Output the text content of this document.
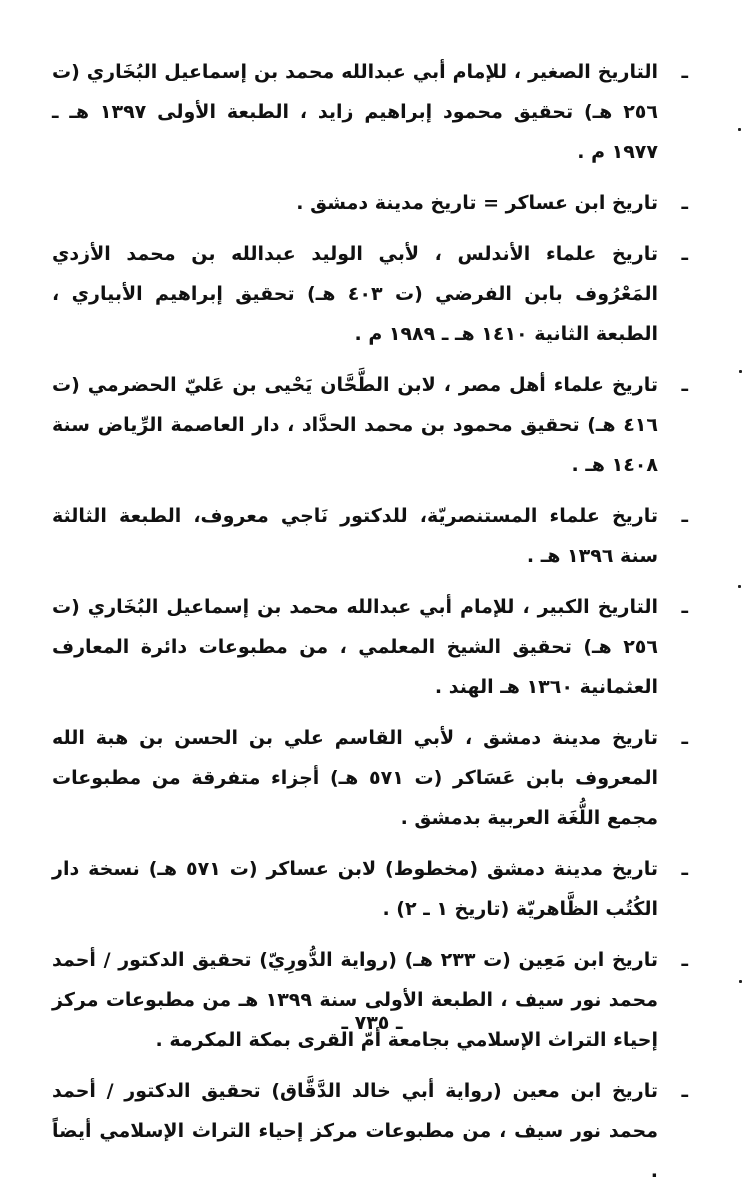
ـ
التاريخ الصغير ، للإمام أبي عبدالله محمد بن إسماعيل البُخَاري (ت ٢٥٦ هـ) تحقيق محمود إبراهيم زايد ، الطبعة الأولى ١٣٩٧ هـ ـ ١٩٧٧ م .
ـ
تاريخ ابن عساكر = تاريخ مدينة دمشق .
ـ
تاريخ علماء الأندلس ، لأبي الوليد عبدالله بن محمد الأزدي المَعْرُوف بابن الفرضي (ت ٤٠٣ هـ) تحقيق إبراهيم الأبياري ، الطبعة الثانية ١٤١٠ هـ ـ ١٩٨٩ م .
ـ
تاريخ علماء أهل مصر ، لابن الطَّحَّان يَحْيى بن عَليّ الحضرمي (ت ٤١٦ هـ) تحقيق محمود بن محمد الحدَّاد ، دار العاصمة الرِّياض سنة ١٤٠٨ هـ .
ـ
تاريخ علماء المستنصريّة، للدكتور نَاجي معروف، الطبعة الثالثة سنة ١٣٩٦ هـ .
ـ
التاريخ الكبير ، للإمام أبي عبدالله محمد بن إسماعيل البُخَاري (ت ٢٥٦ هـ) تحقيق الشيخ المعلمي ، من مطبوعات دائرة المعارف العثمانية ١٣٦٠ هـ الهند .
ـ
تاريخ مدينة دمشق ، لأبي القاسم علي بن الحسن بن هبة الله المعروف بابن عَسَاكر (ت ٥٧١ هـ) أجزاء متفرقة من مطبوعات مجمع اللُّغَة العربية بدمشق .
ـ
تاريخ مدينة دمشق (مخطوط) لابن عساكر (ت ٥٧١ هـ) نسخة دار الكُتُب الظَّاهريّة (تاريخ ١ ـ ٢) .
ـ
تاريخ ابن مَعِين (ت ٢٣٣ هـ) (رواية الدُّورِيّ) تحقيق الدكتور / أحمد محمد نور سيف ، الطبعة الأولى سنة ١٣٩٩ هـ من مطبوعات مركز إحياء التراث الإسلامي بجامعة أمّ القرى بمكة المكرمة .
ـ
تاريخ ابن معين (رواية أبي خالد الدَّقَّاق) تحقيق الدكتور / أحمد محمد نور سيف ، من مطبوعات مركز إحياء التراث الإسلامي أيضاً .
ـ ٧٣٥ ـ
